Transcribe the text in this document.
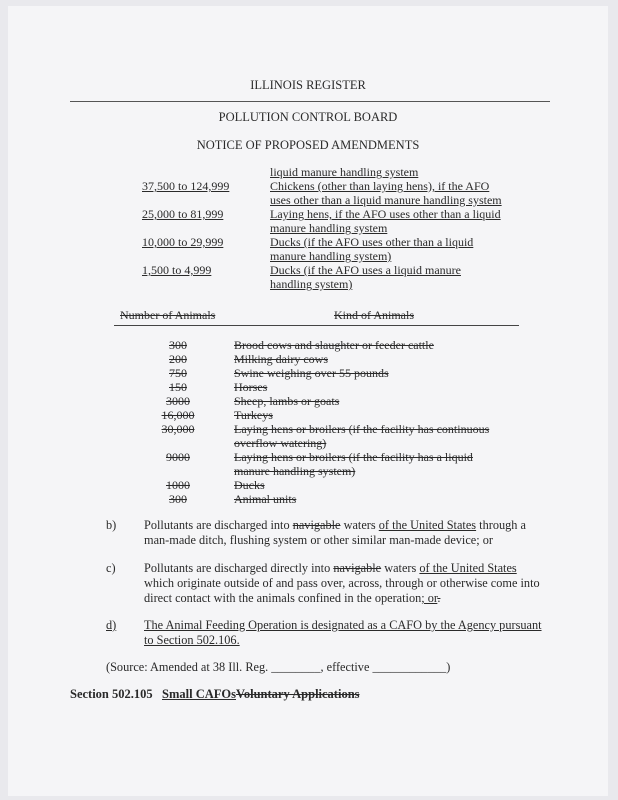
ILLINOIS REGISTER
POLLUTION CONTROL BOARD
NOTICE OF PROPOSED AMENDMENTS
liquid manure handling system
37,500 to 124,999	Chickens (other than laying hens), if the AFO
uses other than a liquid manure handling system
25,000 to 81,999	Laying hens, if the AFO uses other than a liquid
manure handling system
10,000 to 29,999	Ducks (if the AFO uses other than a liquid
manure handling system)
1,500 to 4,999	Ducks (if the AFO uses a liquid manure
handling system)
Number of Animals	Kind of Animals
300	Brood cows and slaughter or feeder cattle
200	Milking dairy cows
750	Swine weighing over 55 pounds
150	Horses
3000	Sheep, lambs or goats
16,000	Turkeys
30,000	Laying hens or broilers (if the facility has continuous
overflow watering)
9000	Laying hens or broilers (if the facility has a liquid
manure handling system)
1000	Ducks
300	Animal units
b) Pollutants are discharged into navigable waters of the United States through a
man-made ditch, flushing system or other similar man-made device; or
c) Pollutants are discharged directly into navigable waters of the United States
which originate outside of and pass over, across, through or otherwise come into
direct contact with the animals confined in the operation; or.
d) The Animal Feeding Operation is designated as a CAFO by the Agency pursuant
to Section 502.106.
(Source: Amended at 38 Ill. Reg. ________, effective ____________)
Section 502.105 Small CAFOsVoluntary Applications
